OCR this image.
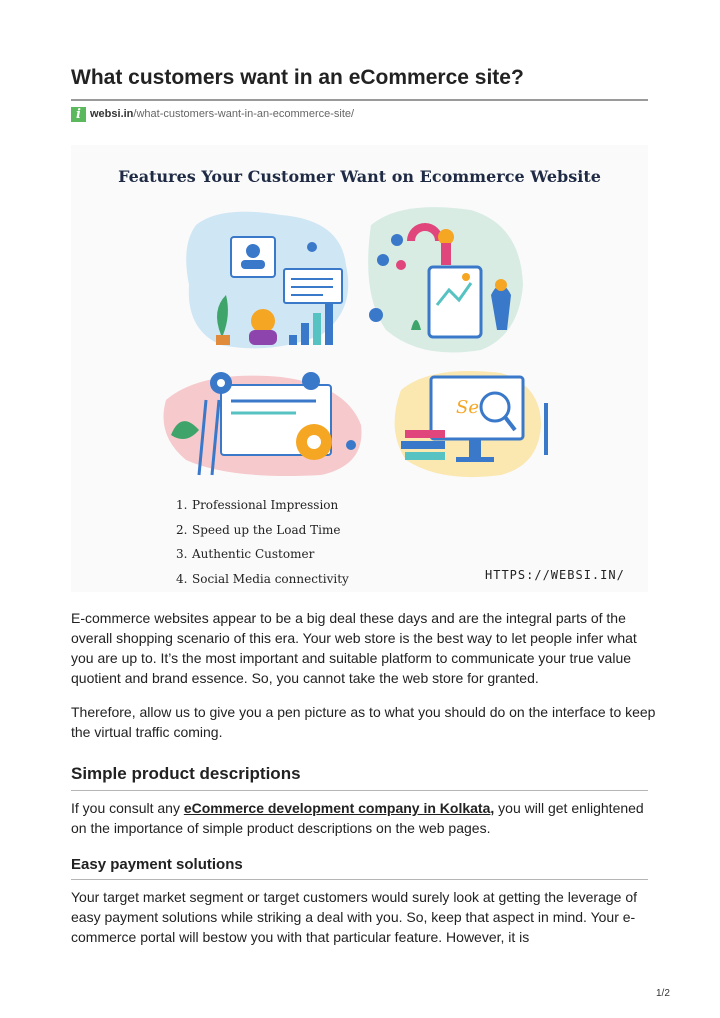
What customers want in an eCommerce site?
i websi.in /what-customers-want-in-an-ecommerce-site/
Features Your Customer Want on Ecommerce Website
Se
1. Professional Impression
2. Speed up the Load Time
3. Authentic Customer
4. Social Media connectivity	HTTPS://WEBSI.IN/

E-commerce websites appear to be a big deal these days and are the integral parts of the overall shopping scenario of this era. Your web store is the best way to let people infer what you are up to. It’s the most important and suitable platform to communicate your true value quotient and brand essence. So, you cannot take the web store for granted.

Therefore, allow us to give you a pen picture as to what you should do on the interface to keep the virtual traffic coming.

Simple product descriptions

If you consult any eCommerce development company in Kolkata, you will get enlightened on the importance of simple product descriptions on the web pages.

Easy payment solutions

Your target market segment or target customers would surely look at getting the leverage of easy payment solutions while striking a deal with you. So, keep that aspect in mind. Your e-commerce portal will bestow you with that particular feature. However, it is

1/2
